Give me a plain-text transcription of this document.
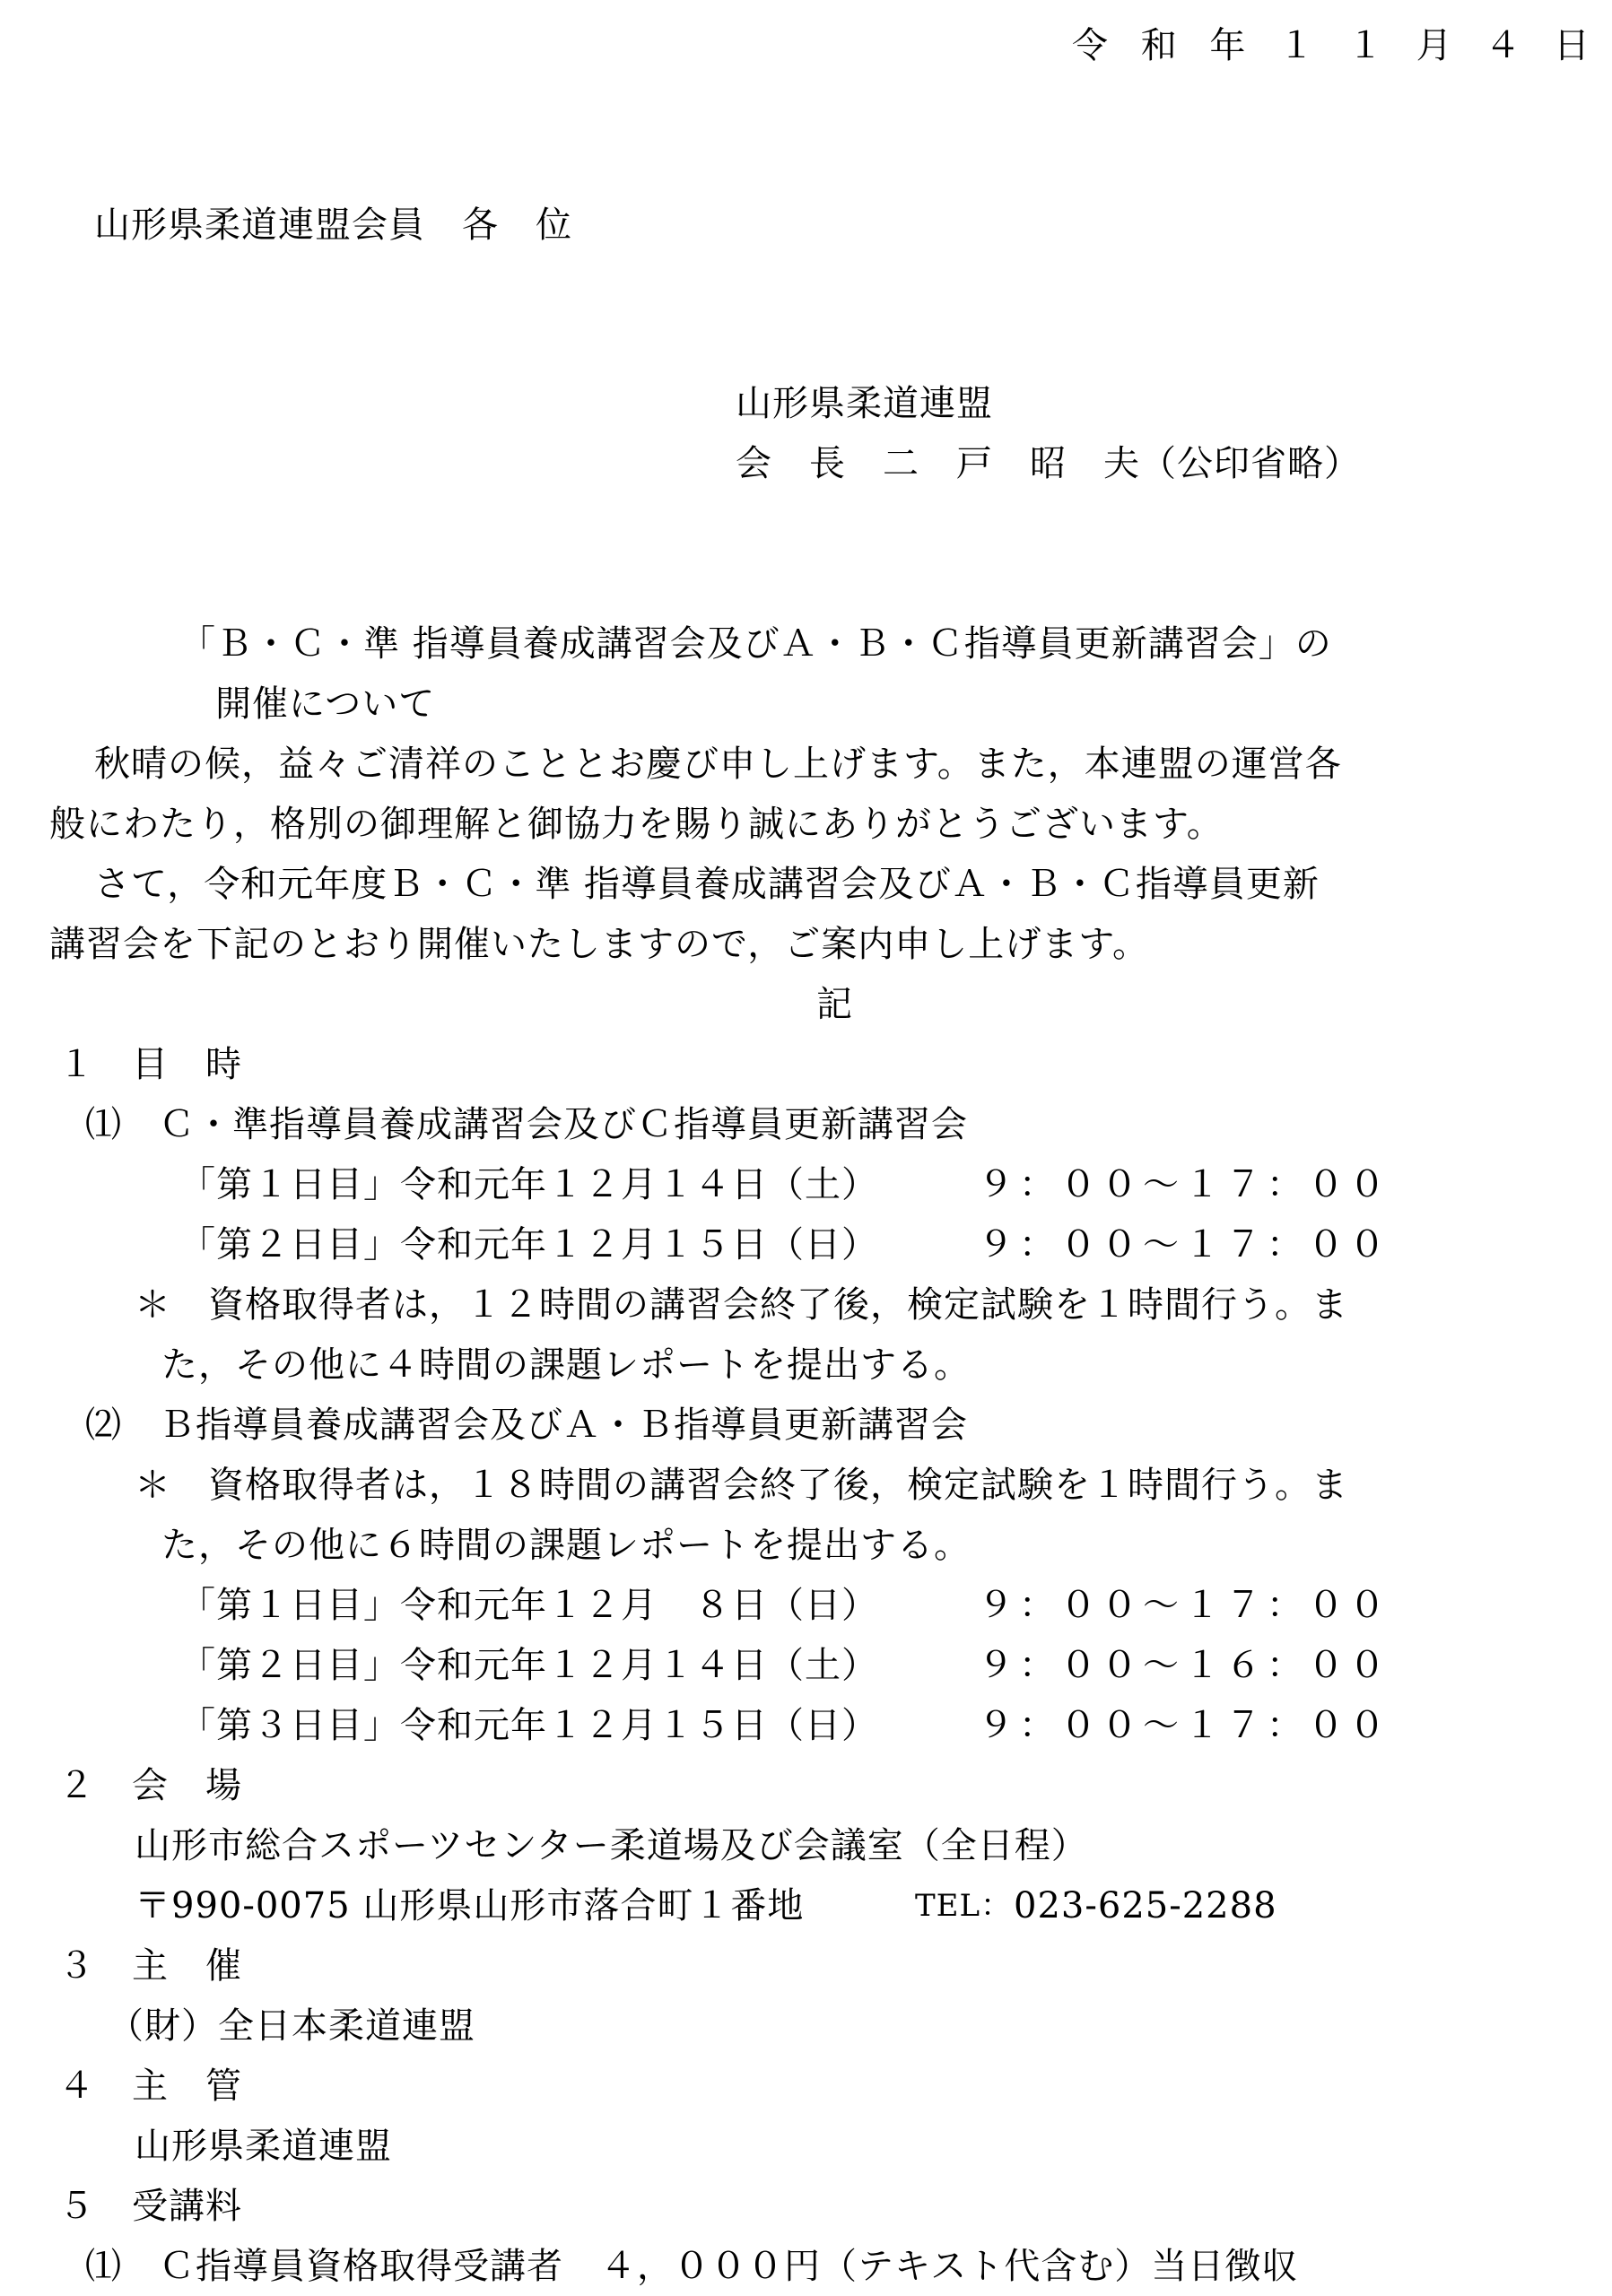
令 和 年 １ １ 月 ４ 日
山形県柔道連盟会員　各　位
山形県柔道連盟
会　長　二　戸　昭　夫（公印省略）
「Ｂ・Ｃ・準 指導員養成講習会及びＡ・Ｂ・Ｃ指導員更新講習会」の
開催について
秋晴の候，益々ご清祥のこととお慶び申し上げます。また，本連盟の運営各
般にわたり，格別の御理解と御協力を賜り誠にありがとうございます。
さて，令和元年度Ｂ・Ｃ・準 指導員養成講習会及びＡ・Ｂ・Ｃ指導員更新
講習会を下記のとおり開催いたしますので，ご案内申し上げます。
記
１　目　時
⑴　Ｃ・準指導員養成講習会及びＣ指導員更新講習会
「第１日目」令和元年１２月１４日（土）	９：００～１７：００
「第２日目」令和元年１２月１５日（日）	９：００～１７：００
＊　資格取得者は，１２時間の講習会終了後，検定試験を１時間行う。ま
た，その他に４時間の課題レポートを提出する。
⑵　Ｂ指導員養成講習会及びＡ・Ｂ指導員更新講習会
＊　資格取得者は，１８時間の講習会終了後，検定試験を１時間行う。ま
た，その他に６時間の課題レポートを提出する。
「第１日目」令和元年１２月　８日（日）	９：００～１７：００
「第２日目」令和元年１２月１４日（土）	９：００～１６：００
「第３日目」令和元年１２月１５日（日）	９：００～１７：００
２　会　場
山形市総合スポーツセンター柔道場及び会議室（全日程）
〒990-0075 山形県山形市落合町１番地	TEL： 023-625-2288
３　主　催
（財）全日本柔道連盟
４　主　管
山形県柔道連盟
５　受講料
⑴　Ｃ指導員資格取得受講者　４，０００円（テキスト代含む）当日徴収
